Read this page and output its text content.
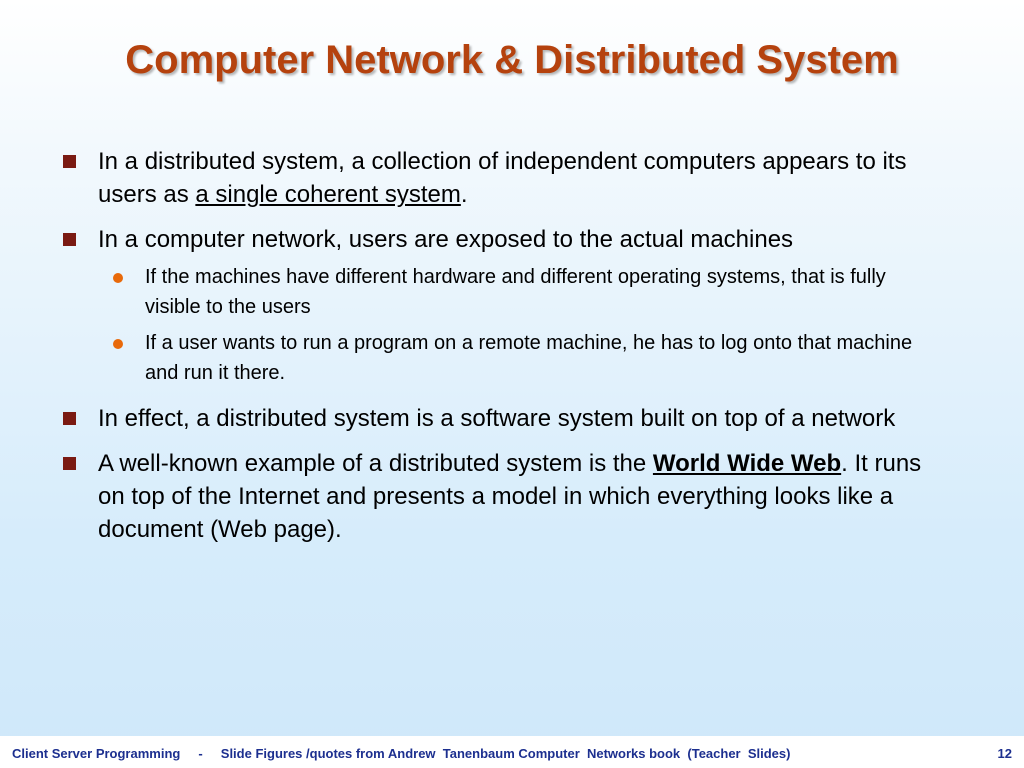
Computer Network & Distributed System
In a distributed system, a collection of independent computers appears to its users as a single coherent system.
In a computer network, users are exposed to the actual machines
If the machines have different hardware and different operating systems, that is fully visible to the users
If a user wants to run a program on a remote machine, he has to log onto that machine and run it there.
In effect, a distributed system is a software system built on top of a network
A well-known example of a distributed system is the World Wide Web. It runs on top of the Internet and presents a model in which everything looks like a document (Web page).
Client Server Programming     -     Slide Figures /quotes from Andrew  Tanenbaum Computer  Networks book  (Teacher  Slides)	12
